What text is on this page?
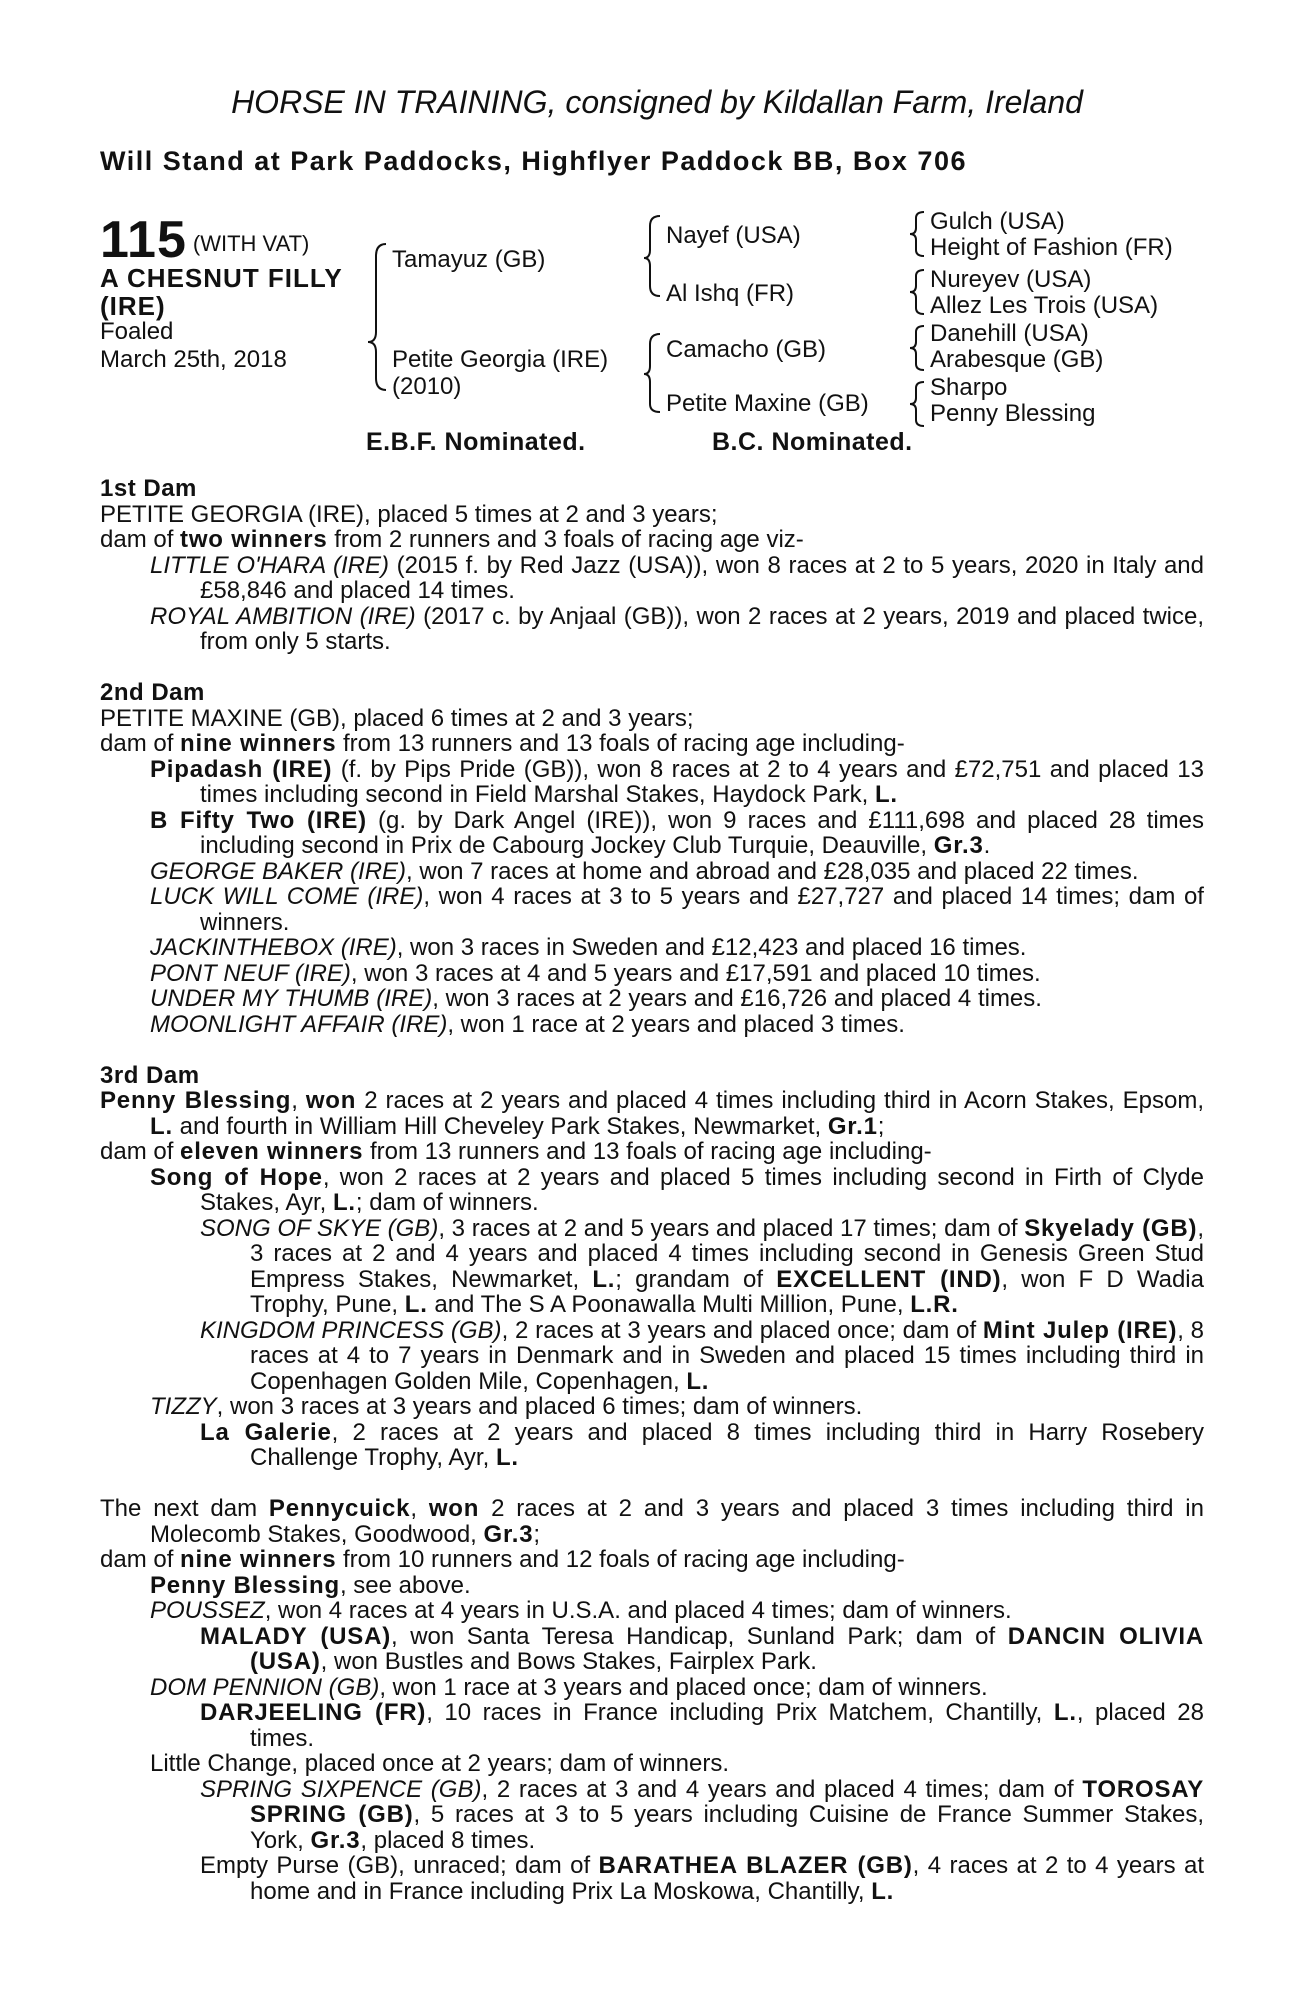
HORSE IN TRAINING, consigned by Kildallan Farm, Ireland
Will Stand at Park Paddocks, Highflyer Paddock BB, Box 706
115 (WITH VAT)
A CHESNUT FILLY
(IRE)
Foaled
March 25th, 2018
Tamayuz (GB)
Petite Georgia (IRE)
(2010)
Nayef (USA)
Al Ishq (FR)
Camacho (GB)
Petite Maxine (GB)
Gulch (USA)
Height of Fashion (FR)
Nureyev (USA)
Allez Les Trois (USA)
Danehill (USA)
Arabesque (GB)
Sharpo
Penny Blessing
E.B.F. Nominated.	B.C. Nominated.
1st Dam
PETITE GEORGIA (IRE), placed 5 times at 2 and 3 years;
dam of two winners from 2 runners and 3 foals of racing age viz-
LITTLE O'HARA (IRE) (2015 f. by Red Jazz (USA)), won 8 races at 2 to 5 years, 2020 in Italy and £58,846 and placed 14 times.
ROYAL AMBITION (IRE) (2017 c. by Anjaal (GB)), won 2 races at 2 years, 2019 and placed twice, from only 5 starts.
2nd Dam
PETITE MAXINE (GB), placed 6 times at 2 and 3 years;
dam of nine winners from 13 runners and 13 foals of racing age including-
Pipadash (IRE) (f. by Pips Pride (GB)), won 8 races at 2 to 4 years and £72,751 and placed 13 times including second in Field Marshal Stakes, Haydock Park, L.
B Fifty Two (IRE) (g. by Dark Angel (IRE)), won 9 races and £111,698 and placed 28 times including second in Prix de Cabourg Jockey Club Turquie, Deauville, Gr.3.
GEORGE BAKER (IRE), won 7 races at home and abroad and £28,035 and placed 22 times.
LUCK WILL COME (IRE), won 4 races at 3 to 5 years and £27,727 and placed 14 times; dam of winners.
JACKINTHEBOX (IRE), won 3 races in Sweden and £12,423 and placed 16 times.
PONT NEUF (IRE), won 3 races at 4 and 5 years and £17,591 and placed 10 times.
UNDER MY THUMB (IRE), won 3 races at 2 years and £16,726 and placed 4 times.
MOONLIGHT AFFAIR (IRE), won 1 race at 2 years and placed 3 times.
3rd Dam
Penny Blessing, won 2 races at 2 years and placed 4 times including third in Acorn Stakes, Epsom, L. and fourth in William Hill Cheveley Park Stakes, Newmarket, Gr.1;
dam of eleven winners from 13 runners and 13 foals of racing age including-
Song of Hope, won 2 races at 2 years and placed 5 times including second in Firth of Clyde Stakes, Ayr, L.; dam of winners.
SONG OF SKYE (GB), 3 races at 2 and 5 years and placed 17 times; dam of Skyelady (GB), 3 races at 2 and 4 years and placed 4 times including second in Genesis Green Stud Empress Stakes, Newmarket, L.; grandam of EXCELLENT (IND), won F D Wadia Trophy, Pune, L. and The S A Poonawalla Multi Million, Pune, L.R.
KINGDOM PRINCESS (GB), 2 races at 3 years and placed once; dam of Mint Julep (IRE), 8 races at 4 to 7 years in Denmark and in Sweden and placed 15 times including third in Copenhagen Golden Mile, Copenhagen, L.
TIZZY, won 3 races at 3 years and placed 6 times; dam of winners.
La Galerie, 2 races at 2 years and placed 8 times including third in Harry Rosebery Challenge Trophy, Ayr, L.
The next dam Pennycuick, won 2 races at 2 and 3 years and placed 3 times including third in Molecomb Stakes, Goodwood, Gr.3;
dam of nine winners from 10 runners and 12 foals of racing age including-
Penny Blessing, see above.
POUSSEZ, won 4 races at 4 years in U.S.A. and placed 4 times; dam of winners.
MALADY (USA), won Santa Teresa Handicap, Sunland Park; dam of DANCIN OLIVIA (USA), won Bustles and Bows Stakes, Fairplex Park.
DOM PENNION (GB), won 1 race at 3 years and placed once; dam of winners.
DARJEELING (FR), 10 races in France including Prix Matchem, Chantilly, L., placed 28 times.
Little Change, placed once at 2 years; dam of winners.
SPRING SIXPENCE (GB), 2 races at 3 and 4 years and placed 4 times; dam of TOROSAY SPRING (GB), 5 races at 3 to 5 years including Cuisine de France Summer Stakes, York, Gr.3, placed 8 times.
Empty Purse (GB), unraced; dam of BARATHEA BLAZER (GB), 4 races at 2 to 4 years at home and in France including Prix La Moskowa, Chantilly, L.
